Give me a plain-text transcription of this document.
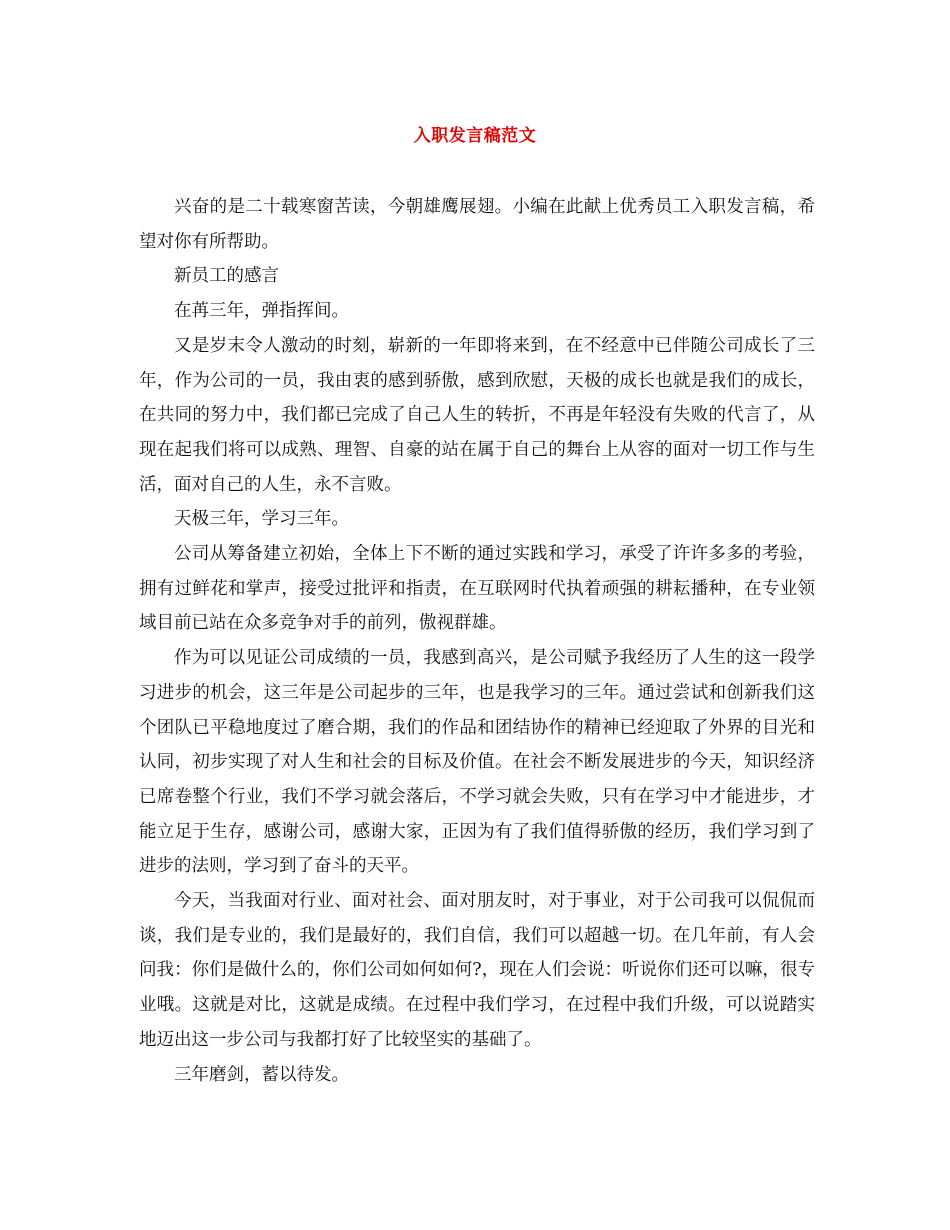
入职发言稿范文

兴奋的是二十载寒窗苦读，今朝雄鹰展翅。小编在此献上优秀员工入职发言稿，希望对你有所帮助。

新员工的感言

在苒三年，弹指挥间。

又是岁末令人激动的时刻，崭新的一年即将来到，在不经意中已伴随公司成长了三年，作为公司的一员，我由衷的感到骄傲，感到欣慰，天极的成长也就是我们的成长，在共同的努力中，我们都已完成了自己人生的转折，不再是年轻没有失败的代言了，从现在起我们将可以成熟、理智、自豪的站在属于自己的舞台上从容的面对一切工作与生活，面对自己的人生，永不言败。

天极三年，学习三年。

公司从筹备建立初始，全体上下不断的通过实践和学习，承受了许许多多的考验，拥有过鲜花和掌声，接受过批评和指责，在互联网时代执着顽强的耕耘播种，在专业领域目前已站在众多竞争对手的前列，傲视群雄。

作为可以见证公司成绩的一员，我感到高兴，是公司赋予我经历了人生的这一段学习进步的机会，这三年是公司起步的三年，也是我学习的三年。通过尝试和创新我们这个团队已平稳地度过了磨合期，我们的作品和团结协作的精神已经迎取了外界的目光和认同，初步实现了对人生和社会的目标及价值。在社会不断发展进步的今天，知识经济已席卷整个行业，我们不学习就会落后，不学习就会失败，只有在学习中才能进步，才能立足于生存，感谢公司，感谢大家，正因为有了我们值得骄傲的经历，我们学习到了进步的法则，学习到了奋斗的天平。

今天，当我面对行业、面对社会、面对朋友时，对于事业，对于公司我可以侃侃而谈，我们是专业的，我们是最好的，我们自信，我们可以超越一切。在几年前，有人会问我：你们是做什么的，你们公司如何如何?，现在人们会说：听说你们还可以嘛，很专业哦。这就是对比，这就是成绩。在过程中我们学习，在过程中我们升级，可以说踏实地迈出这一步公司与我都打好了比较坚实的基础了。

三年磨剑，蓄以待发。
